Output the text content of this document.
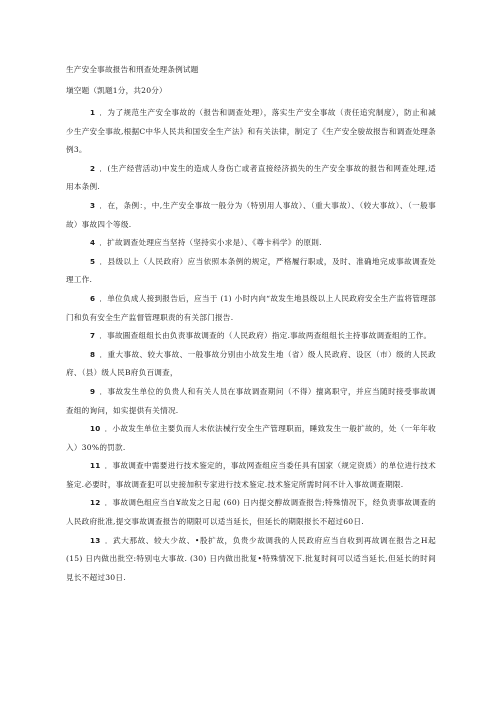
生产安全事故报告和刑查处理条例试題
塡空题（凯题1分，共20分）

1 ．为了规范生产安全事故的（报告和调查处理），落实生产安全事故（责任追究制度），防止和减少生产安全事故,根据C中华人民共和国安全生产法》和有关法律，制定了《生产安全骏故报告和调查处理条例3。

2 ．(生产经营活动)中发生的造成人身伤亡或者直接经济损失的生产安全事故的报告和网查处理,适用本条例.

3 ．在，条例：，中,生产安全事故一般分为（特别用人事故）、（重大事故）、（较大事故）、（一般事故）事故四个等级.

4 ．扩故调查处理应当坚持（坚持实小求是）、《尊卡科学》的原則.

5 ．县级以上（人民政府）应当依照本条例的规定，严格履行职或，及时、准确地完成事故调查处理工作.

6 ．单位负成人接到报告后，应当于 (1) 小时内向“故发生地县级以上人民政府安全生产监将管理部门和负有安全生产监督管理职责的有关部门报告.

7 ．事故圓查组组长由负责事故调查的（人民政府）指定.事故两查组组长主持事故调查组的工作。

8 ．重大事故、较大事故、一般事故分别由小故发生地（省）级人民政府、设区（市）级的人民政府、（县）级人民B府负百调查，

9 ．事故发生单位的负贵人和有关人员在事故调查期问（不得）擅离职守，并应当随时接受事故调查组的询问，如实提供有关情况.

10 ．小故发生单位主要负而人未依法械行安全生产管理职而，睡致发生一般扩故的，处（一年年收入）30%的罚款.

11 ．事故调查中需要进行技术鉴定的，事故网查组应当委任具有国家（规定资质）的单位进行技术鉴定.必要时，事故调查犯可以史接加积专家进行技术鉴定.技术鉴定所需时间不计入事故调查期限.

12 ．事故调色组应当自¥故发之日起 (60) 日内提交醇故调查报告;特殊情况下，经负责事故调查的人民政府批准,提交事故调查报告的期限可以适当延长，但延长的期限报长不超过60日.

13 ．武大那故、较大少故、•股扩故，负贵少故调我的人民政府应当自收到再故调在报告之H起 (15) 日内做出批空:特别屯大事故. (30) 日内做出批复•特殊情况下.批复时间可以适当延长,但延长的时间見长不超过30日.
